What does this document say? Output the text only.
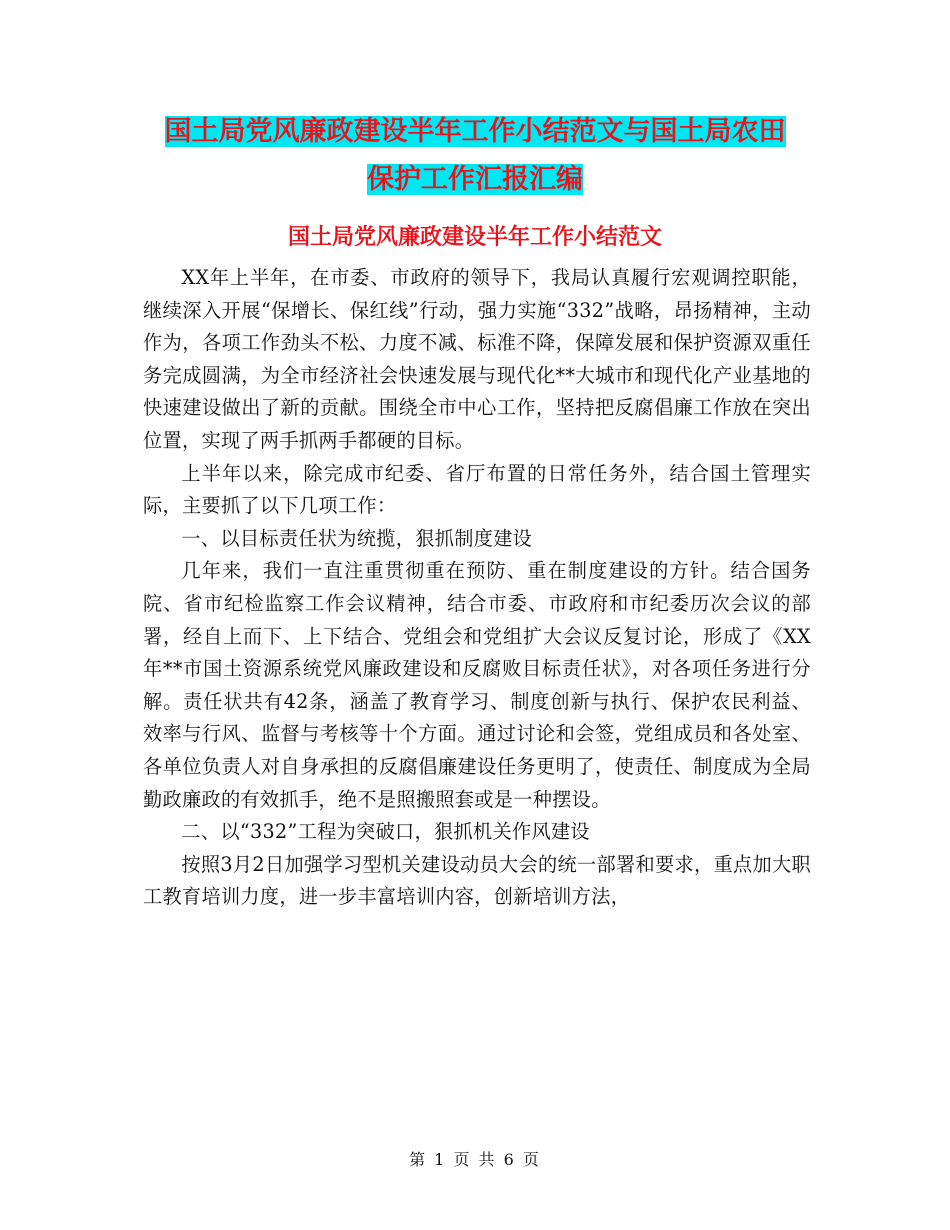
国土局党风廉政建设半年工作小结范文与国土局农田
保护工作汇报汇编
国土局党风廉政建设半年工作小结范文

XX年上半年，在市委、市政府的领导下，我局认真履行宏观调控职能，继续深入开展“保增长、保红线”行动，强力实施“332”战略，昂扬精神，主动作为，各项工作劲头不松、力度不减、标准不降，保障发展和保护资源双重任务完成圆满，为全市经济社会快速发展与现代化**大城市和现代化产业基地的快速建设做出了新的贡献。围绕全市中心工作，坚持把反腐倡廉工作放在突出位置，实现了两手抓两手都硬的目标。

上半年以来，除完成市纪委、省厅布置的日常任务外，结合国土管理实际，主要抓了以下几项工作：

一、以目标责任状为统揽，狠抓制度建设

几年来，我们一直注重贯彻重在预防、重在制度建设的方针。结合国务院、省市纪检监察工作会议精神，结合市委、市政府和市纪委历次会议的部署，经自上而下、上下结合、党组会和党组扩大会议反复讨论，形成了《XX年**市国土资源系统党风廉政建设和反腐败目标责任状》，对各项任务进行分解。责任状共有42条，涵盖了教育学习、制度创新与执行、保护农民利益、效率与行风、监督与考核等十个方面。通过讨论和会签，党组成员和各处室、各单位负责人对自身承担的反腐倡廉建设任务更明了，使责任、制度成为全局勤政廉政的有效抓手，绝不是照搬照套或是一种摆设。

二、以“332”工程为突破口，狠抓机关作风建设

按照3月2日加强学习型机关建设动员大会的统一部署和要求，重点加大职工教育培训力度，进一步丰富培训内容，创新培训方法，

第 1 页 共 6 页
